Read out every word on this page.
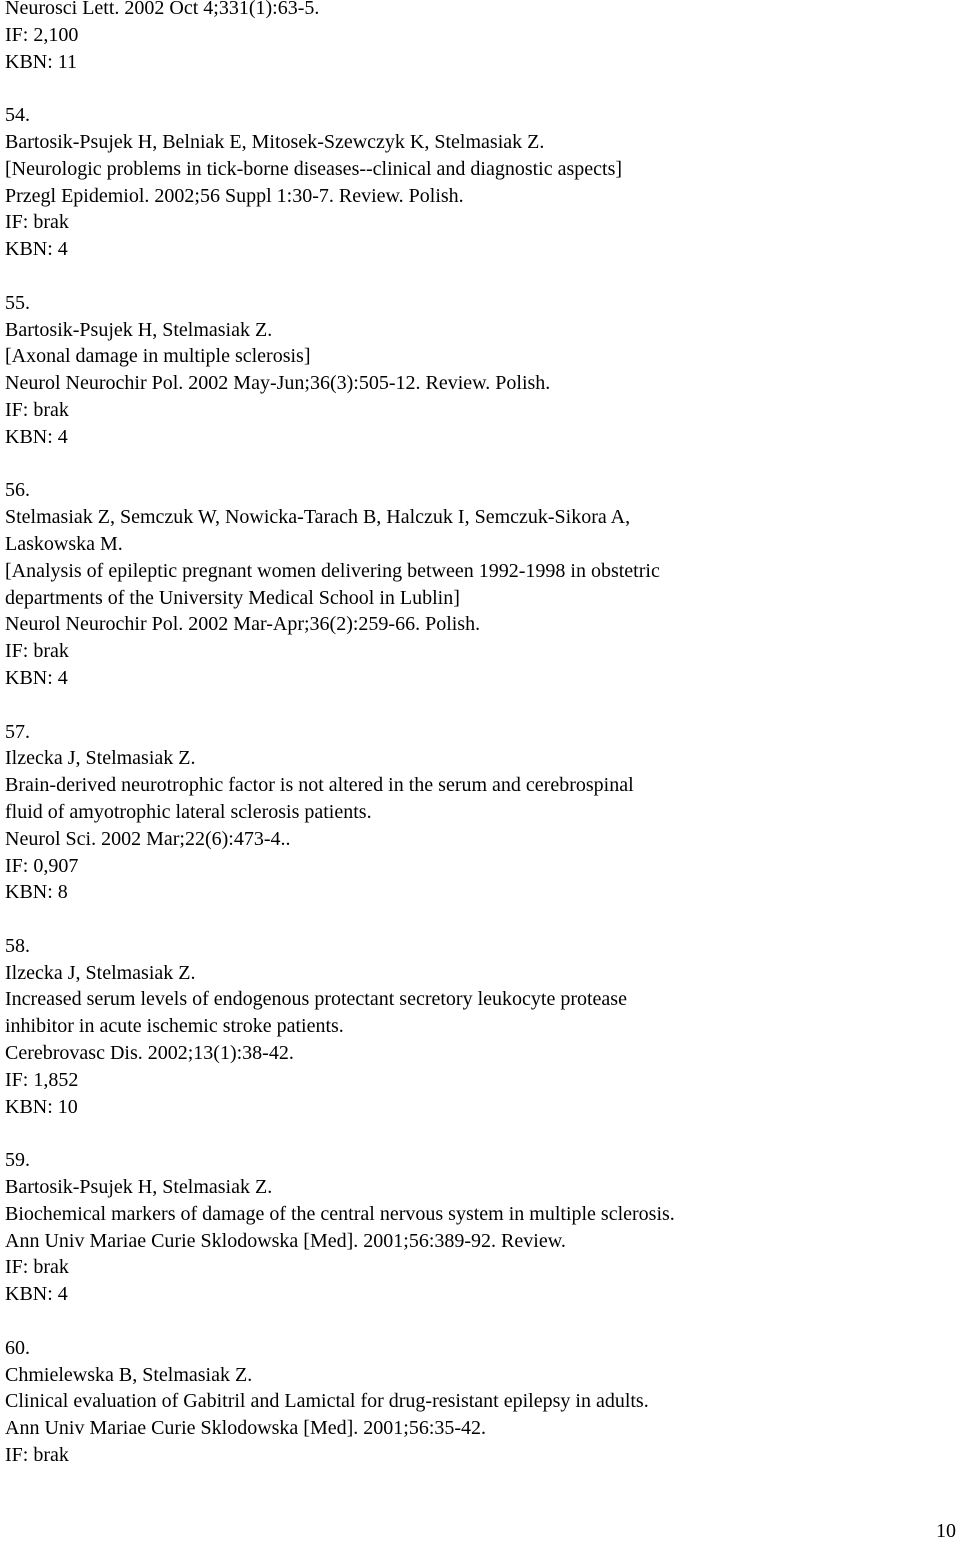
Neurosci Lett. 2002 Oct 4;331(1):63-5.
IF: 2,100
KBN: 11
54.
Bartosik-Psujek H, Belniak E, Mitosek-Szewczyk K, Stelmasiak Z.
[Neurologic problems in tick-borne diseases--clinical and diagnostic aspects]
Przegl Epidemiol. 2002;56 Suppl 1:30-7. Review. Polish.
IF: brak
KBN: 4
55.
Bartosik-Psujek H, Stelmasiak Z.
[Axonal damage in multiple sclerosis]
Neurol Neurochir Pol. 2002 May-Jun;36(3):505-12. Review. Polish.
IF: brak
KBN: 4
56.
Stelmasiak Z, Semczuk W, Nowicka-Tarach B, Halczuk I, Semczuk-Sikora A,
Laskowska M.
[Analysis of epileptic pregnant women delivering between 1992-1998 in obstetric
departments of the University Medical School in Lublin]
Neurol Neurochir Pol. 2002 Mar-Apr;36(2):259-66. Polish.
IF: brak
KBN: 4
57.
Ilzecka J, Stelmasiak Z.
Brain-derived neurotrophic factor is not altered in the serum and cerebrospinal
fluid of amyotrophic lateral sclerosis patients.
Neurol Sci. 2002 Mar;22(6):473-4..
IF: 0,907
KBN: 8
58.
Ilzecka J, Stelmasiak Z.
Increased serum levels of endogenous protectant secretory leukocyte protease
inhibitor in acute ischemic stroke patients.
Cerebrovasc Dis. 2002;13(1):38-42.
IF: 1,852
KBN: 10
59.
Bartosik-Psujek H, Stelmasiak Z.
Biochemical markers of damage of the central nervous system in multiple sclerosis.
Ann Univ Mariae Curie Sklodowska [Med]. 2001;56:389-92. Review.
IF: brak
KBN: 4
60.
Chmielewska B, Stelmasiak Z.
Clinical evaluation of Gabitril and Lamictal for drug-resistant epilepsy in adults.
Ann Univ Mariae Curie Sklodowska [Med]. 2001;56:35-42.
IF: brak
10
